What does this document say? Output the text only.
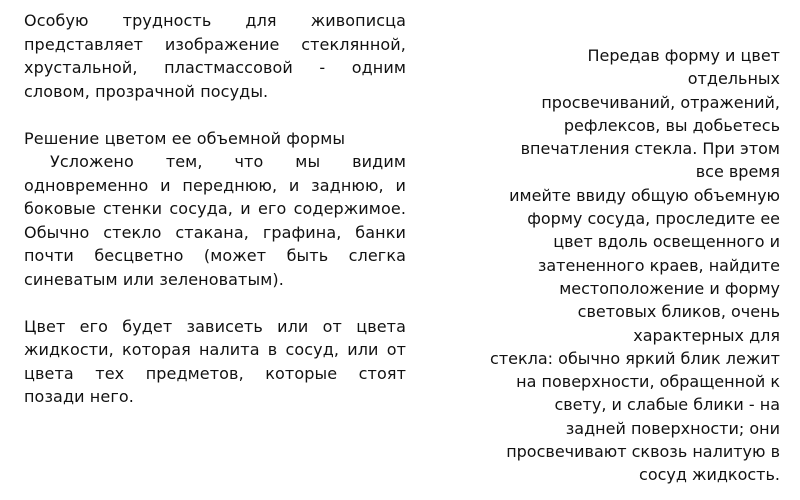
Особую трудность для живописца представляет изображение стеклянной, хрустальной, пластмассовой - одним словом, прозрачной посуды.

Решение цветом ее объемной формы

Усложено тем, что мы видим одновременно и переднюю, и заднюю, и боковые стенки сосуда, и его содержимое. Обычно стекло стакана, графина, банки почти бесцветно (может быть слегка синеватым или зеленоватым).

Цвет его будет зависеть или от цвета жидкости, которая налита в сосуд, или от цвета тех предметов, которые стоят позади него.

Передав форму и цвет
отдельных
просвечиваний, отражений,
рефлексов, вы добьетесь
впечатления стекла. При этом
все время
имейте ввиду общую объемную
форму сосуда, проследите ее
цвет вдоль освещенного и
затененного краев, найдите
местоположение и форму
световых бликов, очень
характерных для
стекла: обычно яркий блик лежит
на поверхности, обращенной к
свету, и слабые блики - на
задней поверхности; они
просвечивают сквозь налитую в
сосуд жидкость.
